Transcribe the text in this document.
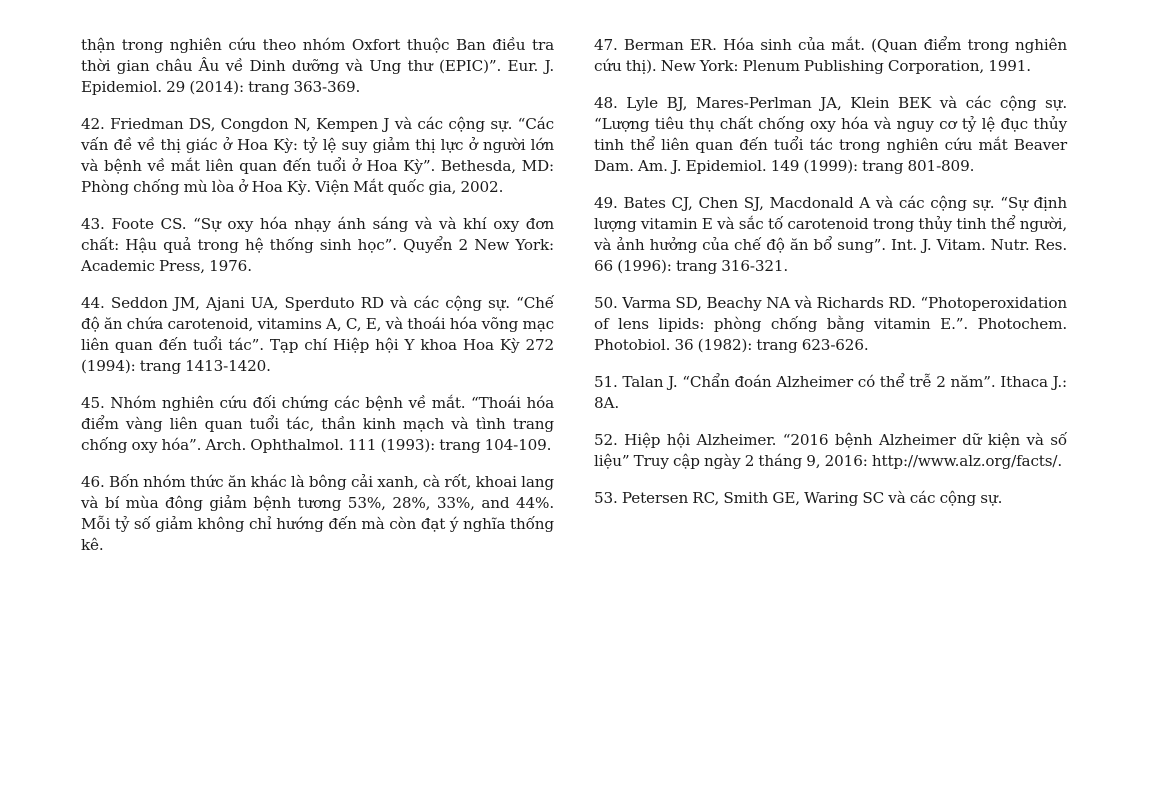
thận trong nghiên cứu theo nhóm Oxfort thuộc Ban điều tra thời gian châu Âu về Dinh dưỡng và Ung thư (EPIC)”. Eur. J. Epidemiol. 29 (2014): trang 363-369.

42. Friedman DS, Congdon N, Kempen J và các cộng sự. “Các vấn đề về thị giác ở Hoa Kỳ: tỷ lệ suy giảm thị lực ở người lớn và bệnh về mắt liên quan đến tuổi ở Hoa Kỳ”. Bethesda, MD: Phòng chống mù lòa ở Hoa Kỳ. Viện Mắt quốc gia, 2002.

43. Foote CS. “Sự oxy hóa nhạy ánh sáng và và khí oxy đơn chất: Hậu quả trong hệ thống sinh học”. Quyển 2 New York: Academic Press, 1976.

44. Seddon JM, Ajani UA, Sperduto RD và các cộng sự. “Chế độ ăn chứa carotenoid, vitamins A, C, E, và thoái hóa võng mạc liên quan đến tuổi tác”. Tạp chí Hiệp hội Y khoa Hoa Kỳ 272 (1994): trang 1413-1420.

45. Nhóm nghiên cứu đối chứng các bệnh về mắt. “Thoái hóa điểm vàng liên quan tuổi tác, thần kinh mạch và tình trang chống oxy hóa”. Arch. Ophthalmol. 111 (1993): trang 104-109.

46. Bốn nhóm thức ăn khác là bông cải xanh, cà rốt, khoai lang và bí mùa đông giảm bệnh tương 53%, 28%, 33%, and 44%. Mỗi tỷ số giảm không chỉ hướng đến mà còn đạt ý nghĩa thống kê.

47. Berman ER. Hóa sinh của mắt. (Quan điểm trong nghiên cứu thị). New York: Plenum Publishing Corporation, 1991.

48. Lyle BJ, Mares-Perlman JA, Klein BEK và các cộng sự. “Lượng tiêu thụ chất chống oxy hóa và nguy cơ tỷ lệ đục thủy tinh thể liên quan đến tuổi tác trong nghiên cứu mắt Beaver Dam. Am. J. Epidemiol. 149 (1999): trang 801-809.

49. Bates CJ, Chen SJ, Macdonald A và các cộng sự. “Sự định lượng vitamin E và sắc tố carotenoid trong thủy tinh thể người, và ảnh hưởng của chế độ ăn bổ sung”. Int. J. Vitam. Nutr. Res. 66 (1996): trang 316-321.

50. Varma SD, Beachy NA và Richards RD. “Photoperoxidation of lens lipids: phòng chống bằng vitamin E.”. Photochem. Photobiol. 36 (1982): trang 623-626.

51. Talan J. “Chẩn đoán Alzheimer có thể trễ 2 năm”. Ithaca J.: 8A.

52. Hiệp hội Alzheimer. “2016 bệnh Alzheimer dữ kiện và số liệu” Truy cập ngày 2 tháng 9, 2016: http://www.alz.org/facts/.

53. Petersen RC, Smith GE, Waring SC và các cộng sự.
